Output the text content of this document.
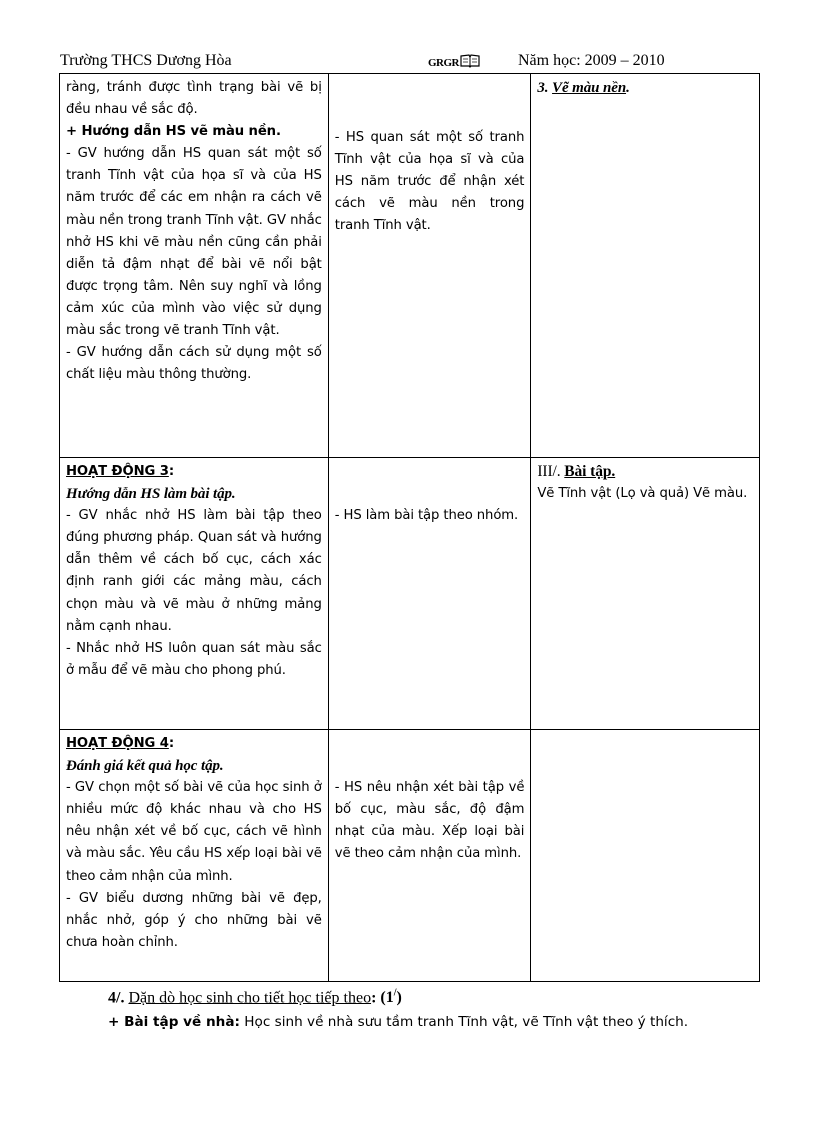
Trường THCS Dương Hòa	GRGR	Năm học: 2009 – 2010
ràng, tránh được tình trạng bài vẽ bị đều nhau về sắc độ.
+ Hướng dẫn HS vẽ màu nền.
- GV hướng dẫn HS quan sát một số tranh Tĩnh vật của họa sĩ và của HS năm trước để các em nhận ra cách vẽ màu nền trong tranh Tĩnh vật. GV nhắc nhở HS khi vẽ màu nền cũng cần phải diễn tả đậm nhạt để bài vẽ nổi bật được trọng tâm. Nên suy nghĩ và lồng cảm xúc của mình vào việc sử dụng màu sắc trong vẽ tranh Tĩnh vật.
- GV hướng dẫn cách sử dụng một số chất liệu màu thông thường.	- HS quan sát một số tranh Tĩnh vật của họa sĩ và của HS năm trước để nhận xét cách vẽ màu nền trong tranh Tĩnh vật.	3. Vẽ màu nền.

HOẠT ĐỘNG 3:
Hướng dẫn HS làm bài tập.
- GV nhắc nhở HS làm bài tập theo đúng phương pháp. Quan sát và hướng dẫn thêm về cách bố cục, cách xác định ranh giới các mảng màu, cách chọn màu và vẽ màu ở những mảng nằm cạnh nhau.
- Nhắc nhở HS luôn quan sát màu sắc ở mẫu để vẽ màu cho phong phú.	- HS làm bài tập theo nhóm.	III/. Bài tập.
Vẽ Tĩnh vật (Lọ và quả) Vẽ màu.

HOẠT ĐỘNG 4:
Đánh giá kết quả học tập.
- GV chọn một số bài vẽ của học sinh ở nhiều mức độ khác nhau và cho HS nêu nhận xét về bố cục, cách vẽ hình và màu sắc. Yêu cầu HS xếp loại bài vẽ theo cảm nhận của mình.
- GV biểu dương những bài vẽ đẹp, nhắc nhở, góp ý cho những bài vẽ chưa hoàn chỉnh.	- HS nêu nhận xét bài tập về bố cục, màu sắc, độ đậm nhạt của màu. Xếp loại bài vẽ theo cảm nhận của mình.	

4/. Dặn dò học sinh cho tiết học tiếp theo: (1/)
+ Bài tập về nhà: Học sinh về nhà sưu tầm tranh Tĩnh vật, vẽ Tĩnh vật theo ý thích.
